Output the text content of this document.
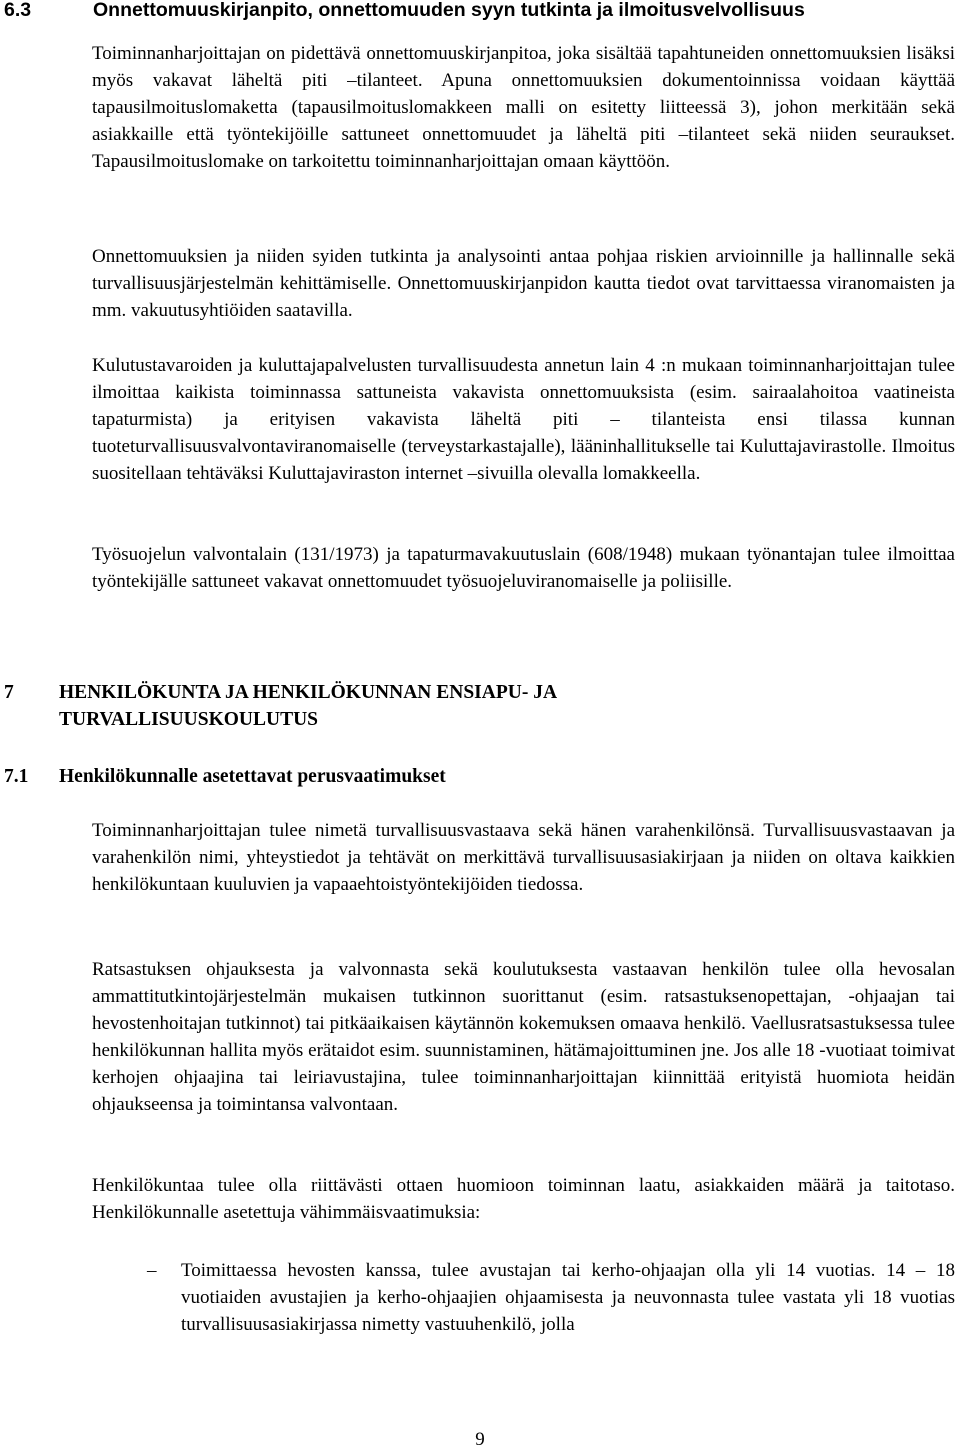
6.3	Onnettomuuskirjanpito, onnettomuuden syyn tutkinta ja ilmoitusvelvollisuus

Toiminnanharjoittajan on pidettävä onnettomuuskirjanpitoa, joka sisältää tapahtuneiden onnettomuuksien lisäksi myös vakavat läheltä piti –tilanteet. Apuna onnettomuuksien dokumentoinnissa voidaan käyttää tapausilmoituslomaketta (tapausilmoituslomakkeen malli on esitetty liitteessä 3), johon merkitään sekä asiakkaille että työntekijöille sattuneet onnettomuudet ja läheltä piti –tilanteet sekä niiden seuraukset. Tapausilmoituslomake on tarkoitettu toiminnanharjoittajan omaan käyttöön.

Onnettomuuksien ja niiden syiden tutkinta ja analysointi antaa pohjaa riskien arvioinnille ja hallinnalle sekä turvallisuusjärjestelmän kehittämiselle. Onnettomuuskirjanpidon kautta tiedot ovat tarvittaessa viranomaisten ja mm. vakuutusyhtiöiden saatavilla.

Kulutustavaroiden ja kuluttajapalvelusten turvallisuudesta annetun lain 4 :n mukaan toiminnanharjoittajan tulee ilmoittaa kaikista toiminnassa sattuneista vakavista onnettomuuksista (esim. sairaalahoitoa vaatineista tapaturmista) ja erityisen vakavista läheltä piti – tilanteista ensi tilassa kunnan tuoteturvallisuusvalvontaviranomaiselle (terveystarkastajalle), lääninhallitukselle tai Kuluttajavirastolle. Ilmoitus suositellaan tehtäväksi Kuluttajaviraston internet –sivuilla olevalla lomakkeella.

Työsuojelun valvontalain (131/1973) ja tapaturmavakuutuslain (608/1948) mukaan työnantajan tulee ilmoittaa työntekijälle sattuneet vakavat onnettomuudet työsuojeluviranomaiselle ja poliisille.

7 HENKILÖKUNTA JA HENKILÖKUNNAN ENSIAPU- JA TURVALLISUUSKOULUTUS
7.1 Henkilökunnalle asetettavat perusvaatimukset

Toiminnanharjoittajan tulee nimetä turvallisuusvastaava sekä hänen varahenkilönsä. Turvallisuusvastaavan ja varahenkilön nimi, yhteystiedot ja tehtävät on merkittävä turvallisuusasiakirjaan ja niiden on oltava kaikkien henkilökuntaan kuuluvien ja vapaaehtoistyöntekijöiden tiedossa.

Ratsastuksen ohjauksesta ja valvonnasta sekä koulutuksesta vastaavan henkilön tulee olla hevosalan ammattitutkintojärjestelmän mukaisen tutkinnon suorittanut (esim. ratsastuksenopettajan, -ohjaajan tai hevostenhoitajan tutkinnot) tai pitkäaikaisen käytännön kokemuksen omaava henkilö. Vaellusratsastuksessa tulee henkilökunnan hallita myös erätaidot esim. suunnistaminen, hätämajoittuminen jne. Jos alle 18 -vuotiaat toimivat kerhojen ohjaajina tai leiriavustajina, tulee toiminnanharjoittajan kiinnittää erityistä huomiota heidän ohjaukseensa ja toimintansa valvontaan.

Henkilökuntaa tulee olla riittävästi ottaen huomioon toiminnan laatu, asiakkaiden määrä ja taitotaso. Henkilökunnalle asetettuja vähimmäisvaatimuksia:

– Toimittaessa hevosten kanssa, tulee avustajan tai kerho-ohjaajan olla yli 14 vuotias. 14 – 18 vuotiaiden avustajien ja kerho-ohjaajien ohjaamisesta ja neuvonnasta tulee vastata yli 18 vuotias turvallisuusasiakirjassa nimetty vastuuhenkilö, jolla

9
